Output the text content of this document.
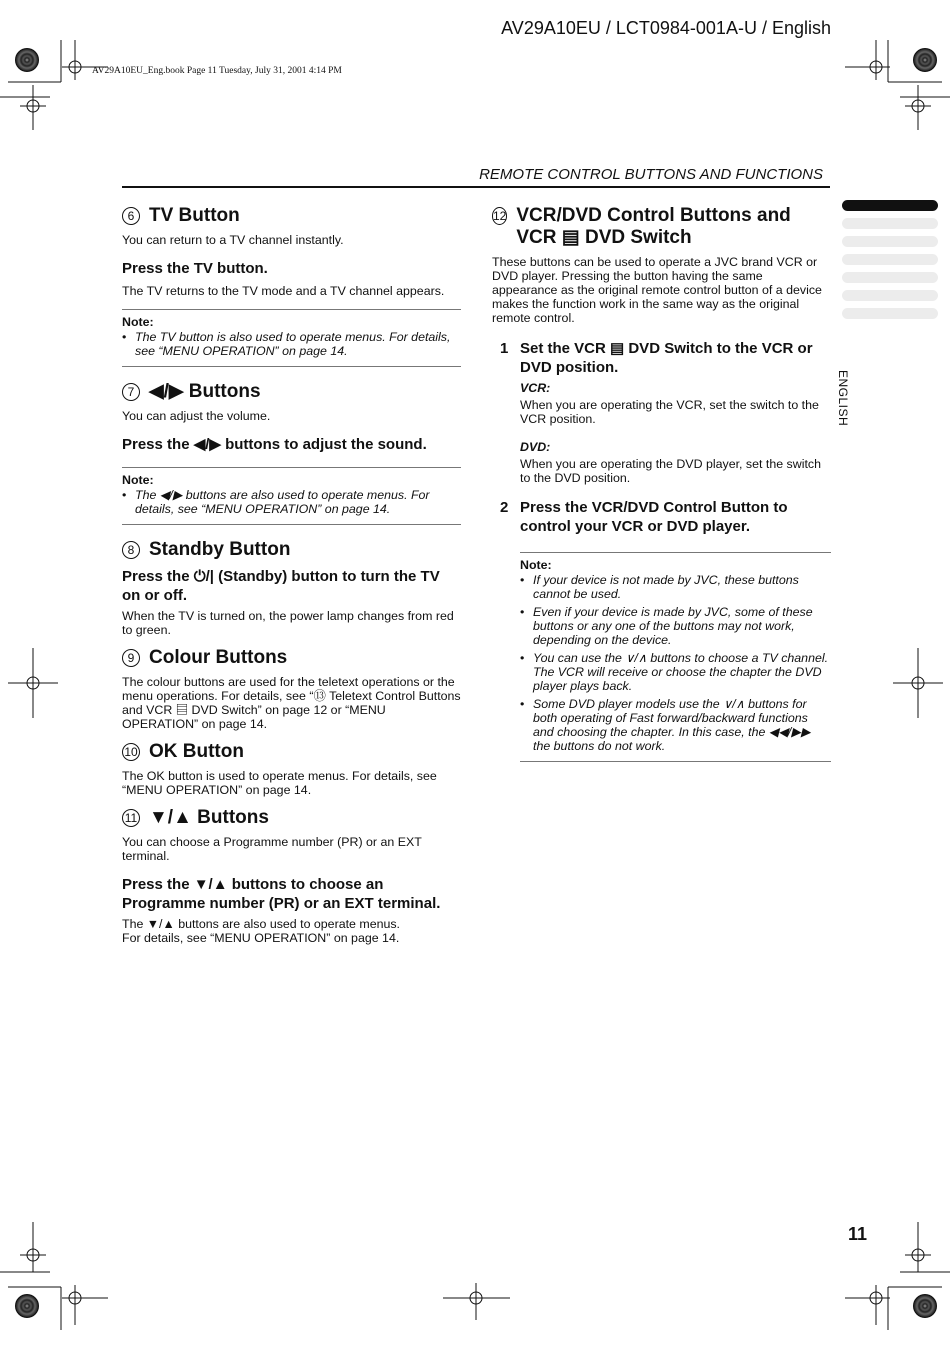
AV29A10EU / LCT0984-001A-U / English
AV29A10EU_Eng.book Page 11 Tuesday, July 31, 2001 4:14 PM
REMOTE CONTROL BUTTONS AND FUNCTIONS
6 TV Button

You can return to a TV channel instantly.

Press the TV button.

The TV returns to the TV mode and a TV channel appears.

Note:
• The TV button is also used to operate menus. For details, see “MENU OPERATION” on page 14.
7 ◀/▶ Buttons

You can adjust the volume.

Press the ◀/▶ buttons to adjust the sound.

Note:
• The ◀/▶ buttons are also used to operate menus. For details, see “MENU OPERATION” on page 14.
8 Standby Button

Press the ⏻/| (Standby) button to turn the TV on or off.

When the TV is turned on, the power lamp changes from red to green.

9 Colour Buttons

The colour buttons are used for the teletext operations or the menu operations. For details, see “⑬ Teletext Control Buttons and VCR ▤ DVD Switch” on page 12 or “MENU OPERATION” on page 14.

10 OK Button

The OK button is used to operate menus. For details, see “MENU OPERATION” on page 14.

11 ▼/▲ Buttons

You can choose a Programme number (PR) or an EXT terminal.

Press the ▼/▲ buttons to choose an Programme number (PR) or an EXT terminal.

The ▼/▲ buttons are also used to operate menus.

For details, see “MENU OPERATION” on page 14.

12 VCR/DVD Control Buttons and VCR ▤ DVD Switch

These buttons can be used to operate a JVC brand VCR or DVD player. Pressing the button having the same appearance as the original remote control button of a device makes the function work in the same way as the original remote control.

1 Set the VCR ▤ DVD Switch to the VCR or DVD position.

VCR:

When you are operating the VCR, set the switch to the VCR position.

DVD:

When you are operating the DVD player, set the switch to the DVD position.

2 Press the VCR/DVD Control Button to control your VCR or DVD player.
Note:
• If your device is not made by JVC, these buttons cannot be used.
• Even if your device is made by JVC, some of these buttons or any one of the buttons may not work, depending on the device.
• You can use the ∨/∧ buttons to choose a TV channel. The VCR will receive or choose the chapter the DVD player plays back.
• Some DVD player models use the ∨/∧ buttons for both operating of Fast forward/backward functions and choosing the chapter. In this case, the ◀◀/▶▶ the buttons do not work.
ENGLISH
11
